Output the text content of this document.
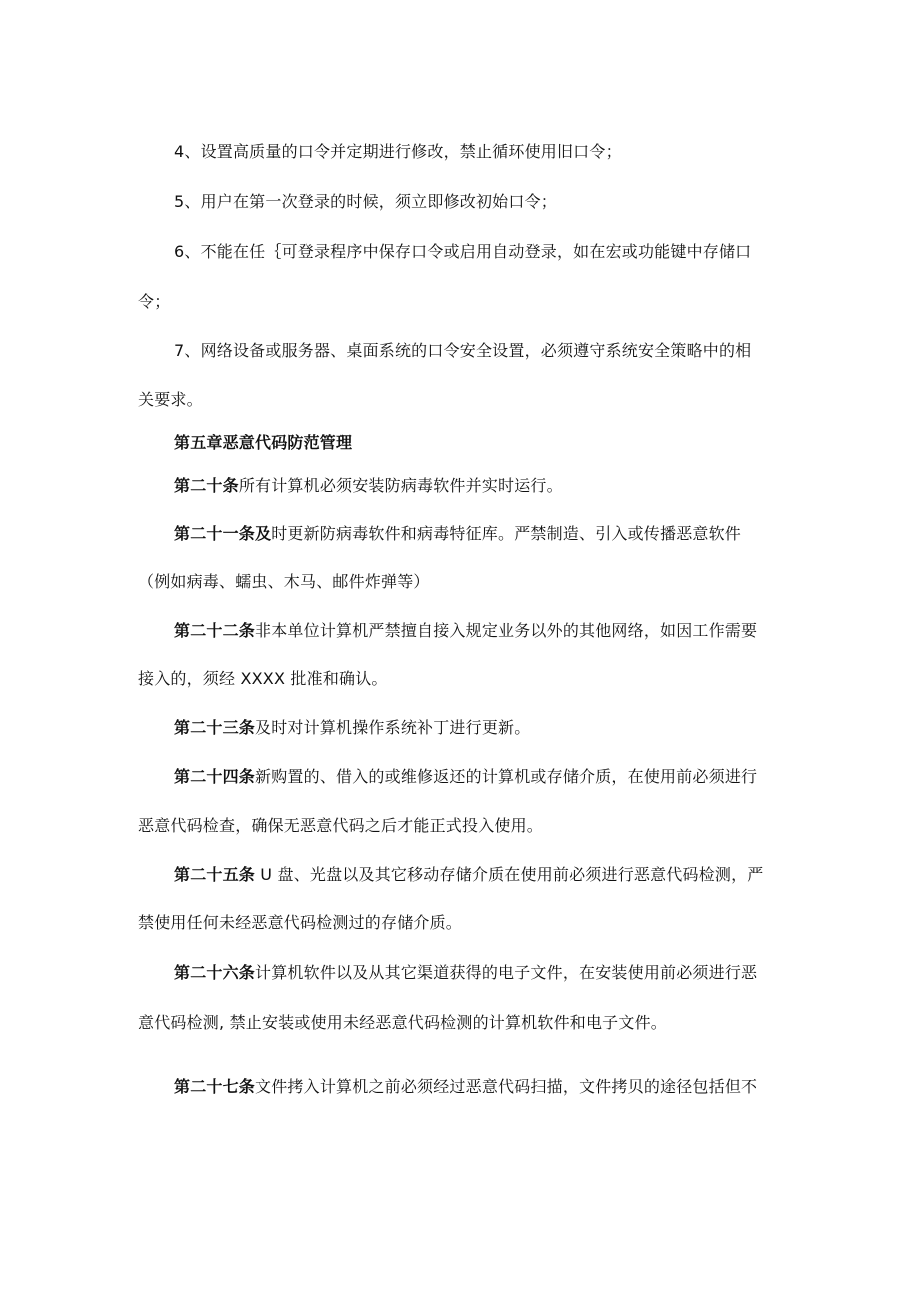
4、设置高质量的口令并定期进行修改，禁止循环使用旧口令；
5、用户在第一次登录的时候，须立即修改初始口令；
6、不能在任｛可登录程序中保存口令或启用自动登录，如在宏或功能键中存储口
令；
7、网络设备或服务器、桌面系统的口令安全设置，必须遵守系统安全策略中的相
关要求。
第五章恶意代码防范管理
第二十条所有计算机必须安装防病毒软件并实时运行。
第二十一条及时更新防病毒软件和病毒特征库。严禁制造、引入或传播恶意软件
（例如病毒、蠕虫、木马、邮件炸弹等）
第二十二条非本单位计算机严禁擅自接入规定业务以外的其他网络，如因工作需要
接入的，须经 XXXX 批准和确认。
第二十三条及时对计算机操作系统补丁进行更新。
第二十四条新购置的、借入的或维修返还的计算机或存储介质，在使用前必须进行
恶意代码检查，确保无恶意代码之后才能正式投入使用。
第二十五条 U 盘、光盘以及其它移动存储介质在使用前必须进行恶意代码检测，严
禁使用任何未经恶意代码检测过的存储介质。
第二十六条计算机软件以及从其它渠道获得的电子文件，在安装使用前必须进行恶
意代码检测, 禁止安装或使用未经恶意代码检测的计算机软件和电子文件。
第二十七条文件拷入计算机之前必须经过恶意代码扫描，文件拷贝的途径包括但不
